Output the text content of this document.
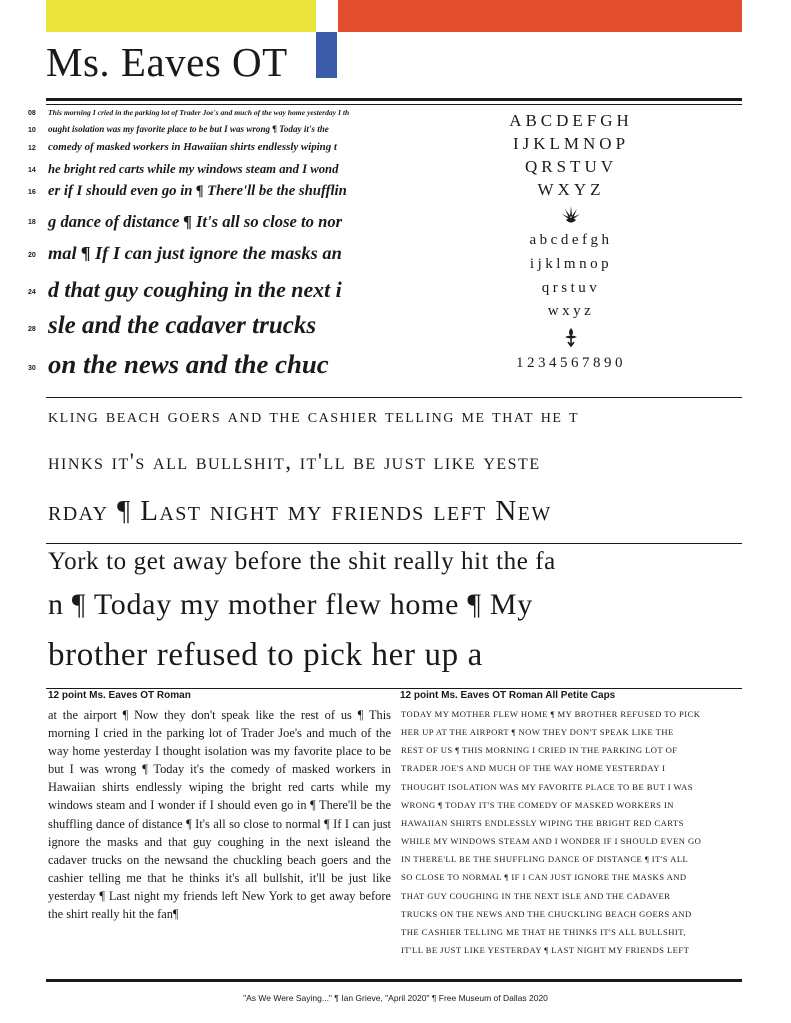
Ms. Eaves OT
08 This morning I cried in the parking lot of Trader Joe's and much of the way home yesterday I th
10 ought isolation was my favorite place to be but I was wrong ¶ Today it's the
12 comedy of masked workers in Hawaiian shirts endlessly wiping t
14 he bright red carts while my windows steam and I wond
16 er if I should even go in ¶ There'll be the shufflin
18 g dance of distance ¶ It's all so close to nor
20 mal ¶ If I can just ignore the masks an
24 d that guy coughing in the next i
28 sle and the cadaver trucks
30 on the news and the chuc
ABCDEFGH
IJKLMNOP
QRSTUV
WXYZ
abcdefgh
ijklmnop
qrstuv
wxyz
1234567890
kling beach goers and the cashier telling me that he t
hinks it's all bullshit, it'll be just like yeste
rday ¶ Last night my friends left New
York to get away before the shit really hit the fa
n ¶ Today my mother flew home ¶ My
brother refused to pick her up a
12 point Ms. Eaves OT Roman
at the airport ¶ Now they don't speak like the rest of us ¶ This morning I cried in the parking lot of Trader Joe's and much of the way home yesterday I thought isolation was my favorite place to be but I was wrong ¶ Today it's the comedy of masked workers in Hawaiian shirts endlessly wiping the bright red carts while my windows steam and I wonder if I should even go in ¶ There'll be the shuffling dance of distance ¶ It's all so close to normal ¶ If I can just ignore the masks and that guy coughing in the next isleand the cadaver trucks on the newsand the chuckling beach goers and the cashier telling me that he thinks it's all bullshit, it'll be just like yesterday ¶ Last night my friends left New York to get away before the shirt really hit the fan¶
12 point Ms. Eaves OT Roman All Petite Caps
TODAY MY MOTHER FLEW HOME ¶ MY BROTHER REFUSED TO PICK
HER UP AT THE AIRPORT ¶ NOW THEY DON'T SPEAK LIKE THE
REST OF US ¶ THIS MORNING I CRIED IN THE PARKING LOT OF
TRADER JOE'S AND MUCH OF THE WAY HOME YESTERDAY I
THOUGHT ISOLATION WAS MY FAVORITE PLACE TO BE BUT I WAS
WRONG ¶ TODAY IT'S THE COMEDY OF MASKED WORKERS IN
HAWAIIAN SHIRTS ENDLESSLY WIPING THE BRIGHT RED CARTS
WHILE MY WINDOWS STEAM AND I WONDER IF I SHOULD EVEN GO
IN THERE'LL BE THE SHUFFLING DANCE OF DISTANCE ¶ IT'S ALL
SO CLOSE TO NORMAL ¶ IF I CAN JUST IGNORE THE MASKS AND
THAT GUY COUGHING IN THE NEXT ISLE AND THE CADAVER
TRUCKS ON THE NEWS AND THE CHUCKLING BEACH GOERS AND
THE CASHIER TELLING ME THAT HE THINKS IT'S ALL BULLSHIT,
IT'LL BE JUST LIKE YESTERDAY ¶ LAST NIGHT MY FRIENDS LEFT
"As We Were Saying..." ¶ Ian Grieve, "April 2020" ¶ Free Museum of Dallas 2020
